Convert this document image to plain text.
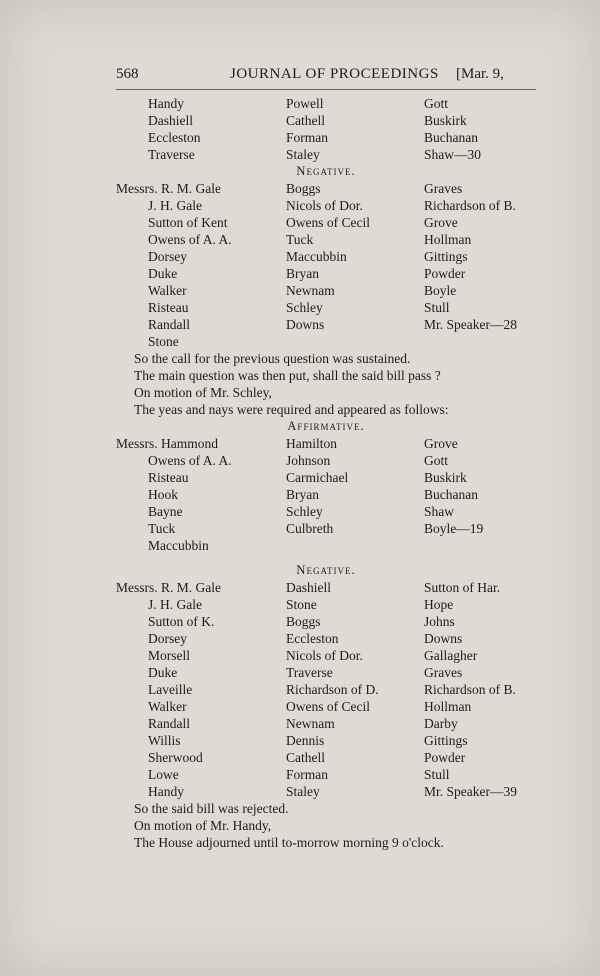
568	JOURNAL OF PROCEEDINGS [Mar. 9,
Handy	Powell	Gott
Dashiell	Cathell	Buskirk
Eccleston	Forman	Buchanan
Traverse	Staley	Shaw—30
Negative.
Messrs. R. M. Gale	Boggs	Graves
J. H. Gale	Nicols of Dor.	Richardson of B.
Sutton of Kent	Owens of Cecil	Grove
Owens of A. A.	Tuck	Hollman
Dorsey	Maccubbin	Gittings
Duke	Bryan	Powder
Walker	Newnam	Boyle
Risteau	Schley	Stull
Randall	Downs	Mr. Speaker—28
Stone
So the call for the previous question was sustained.
The main question was then put, shall the said bill pass ?
On motion of Mr. Schley,
The yeas and nays were required and appeared as follows:
Affirmative.
Messrs. Hammond	Hamilton	Grove
Owens of A. A.	Johnson	Gott
Risteau	Carmichael	Buskirk
Hook	Bryan	Buchanan
Bayne	Schley	Shaw
Tuck	Culbreth	Boyle—19
Maccubbin
Negative.
Messrs. R. M. Gale	Dashiell	Sutton of Har.
J. H. Gale	Stone	Hope
Sutton of K.	Boggs	Johns
Dorsey	Eccleston	Downs
Morsell	Nicols of Dor.	Gallagher
Duke	Traverse	Graves
Laveille	Richardson of D.	Richardson of B.
Walker	Owens of Cecil	Hollman
Randall	Newnam	Darby
Willis	Dennis	Gittings
Sherwood	Cathell	Powder
Lowe	Forman	Stull
Handy	Staley	Mr. Speaker—39
So the said bill was rejected.
On motion of Mr. Handy,
The House adjourned until to-morrow morning 9 o'clock.
